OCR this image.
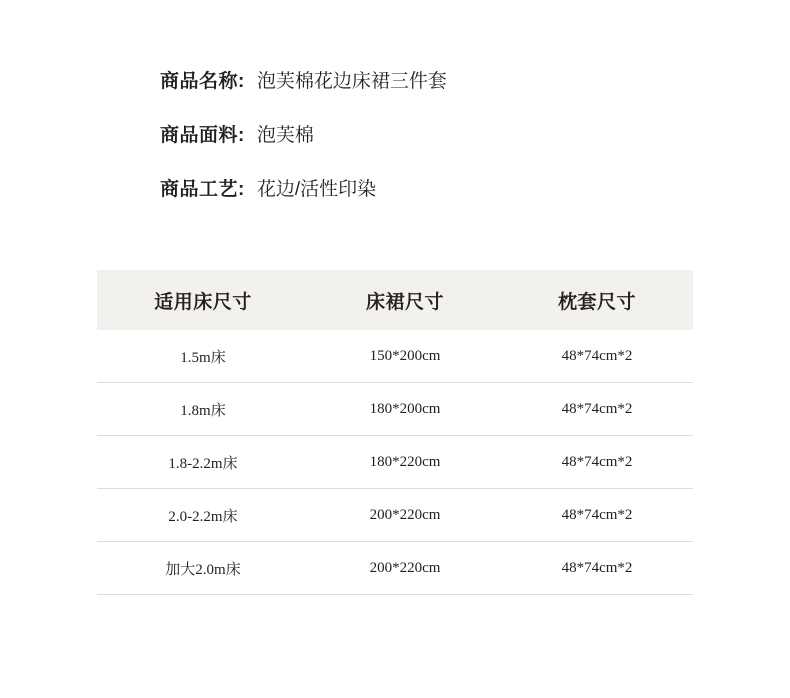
商品名称: 泡芙棉花边床裙三件套
商品面料: 泡芙棉
商品工艺: 花边/活性印染
适用床尺寸	床裙尺寸	枕套尺寸
1.5m床	150*200cm	48*74cm*2
1.8m床	180*200cm	48*74cm*2
1.8-2.2m床	180*220cm	48*74cm*2
2.0-2.2m床	200*220cm	48*74cm*2
加大2.0m床	200*220cm	48*74cm*2
